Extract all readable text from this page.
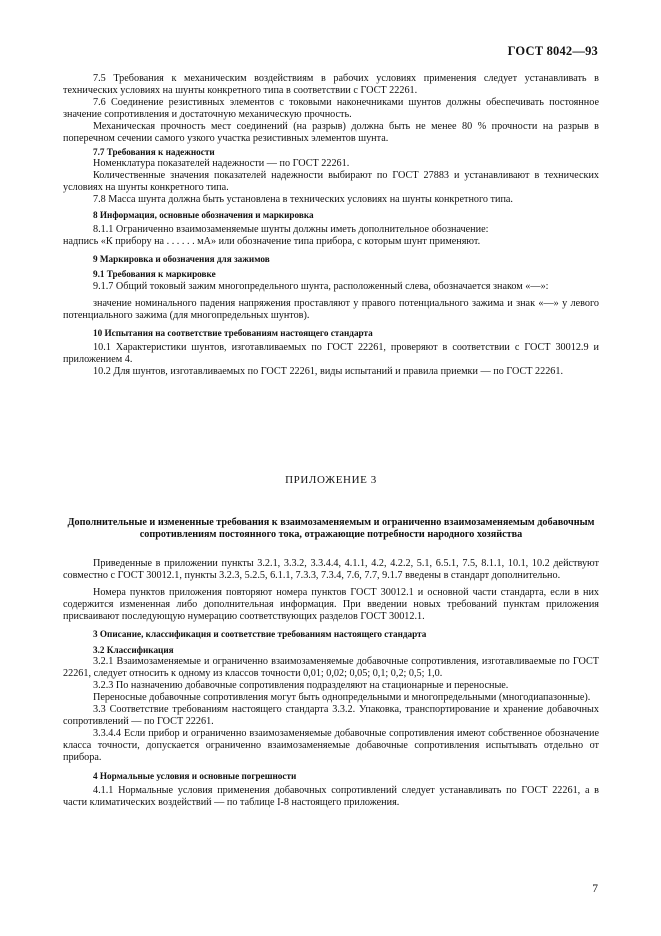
ГОСТ 8042—93

7.5 Требования к механическим воздействиям в рабочих условиях применения следует устанавливать в технических условиях на шунты конкретного типа в соответствии с ГОСТ 22261.

7.6 Соединение резистивных элементов с токовыми наконечниками шунтов должны обеспечивать постоянное значение сопротивления и достаточную механическую прочность.

Механическая прочность мест соединений (на разрыв) должна быть не менее 80 % прочности на разрыв в поперечном сечении самого узкого участка резистивных элементов шунта.

7.7 Требования к надежности

Номенклатура показателей надежности — по ГОСТ 22261.

Количественные значения показателей надежности выбирают по ГОСТ 27883 и устанавливают в технических условиях на шунты конкретного типа.

7.8 Масса шунта должна быть установлена в технических условиях на шунты конкретного типа.

8 Информация, основные обозначения и маркировка

8.1.1 Ограниченно взаимозаменяемые шунты должны иметь дополнительное обозначение:

надпись «К прибору на . . . . . . мА» или обозначение типа прибора, с которым шунт применяют.

9 Маркировка и обозначения для зажимов

9.1 Требования к маркировке

9.1.7 Общий токовый зажим многопредельного шунта, расположенный слева, обозначается знаком «—»:

значение номинального падения напряжения проставляют у правого потенциального зажима и знак «—» у левого потенциального зажима (для многопредельных шунтов).

10 Испытания на соответствие требованиям настоящего стандарта

10.1 Характеристики шунтов, изготавливаемых по ГОСТ 22261, проверяют в соответствии с ГОСТ 30012.9 и приложением 4.

10.2 Для шунтов, изготавливаемых по ГОСТ 22261, виды испытаний и правила приемки — по ГОСТ 22261.

ПРИЛОЖЕНИЕ 3
Дополнительные и измененные требования к взаимозаменяемым и ограниченно взаимозаменяемым добавочным сопротивлениям постоянного тока, отражающие потребности народного хозяйства

Приведенные в приложении пункты 3.2.1, 3.3.2, 3.3.4.4, 4.1.1, 4.2, 4.2.2, 5.1, 6.5.1, 7.5, 8.1.1, 10.1, 10.2 действуют совместно с ГОСТ 30012.1, пункты 3.2.3, 5.2.5, 6.1.1, 7.3.3, 7.3.4, 7.6, 7.7, 9.1.7 введены в стандарт дополнительно.

Номера пунктов приложения повторяют номера пунктов ГОСТ 30012.1 и основной части стандарта, если в них содержится измененная либо дополнительная информация. При введении новых требований пунктам приложения присваивают последующую нумерацию соответствующих разделов ГОСТ 30012.1.

3 Описание, классификация и соответствие требованиям настоящего стандарта

3.2 Классификация

3.2.1 Взаимозаменяемые и ограниченно взаимозаменяемые добавочные сопротивления, изготавливаемые по ГОСТ 22261, следует относить к одному из классов точности 0,01; 0,02; 0,05; 0,1; 0,2; 0,5; 1,0.

3.2.3 По назначению добавочные сопротивления подразделяют на стационарные и переносные.

Переносные добавочные сопротивления могут быть однопредельными и многопредельными (многодиапазонные).

3.3 Соответствие требованиям настоящего стандарта 3.3.2. Упаковка, транспортирование и хранение добавочных сопротивлений — по ГОСТ 22261.

3.3.4.4 Если прибор и ограниченно взаимозаменяемые добавочные сопротивления имеют собственное обозначение класса точности, допускается ограниченно взаимозаменяемые добавочные сопротивления испытывать отдельно от прибора.

4 Нормальные условия и основные погрешности

4.1.1 Нормальные условия применения добавочных сопротивлений следует устанавливать по ГОСТ 22261, а в части климатических воздействий — по таблице I-8 настоящего приложения.

7
